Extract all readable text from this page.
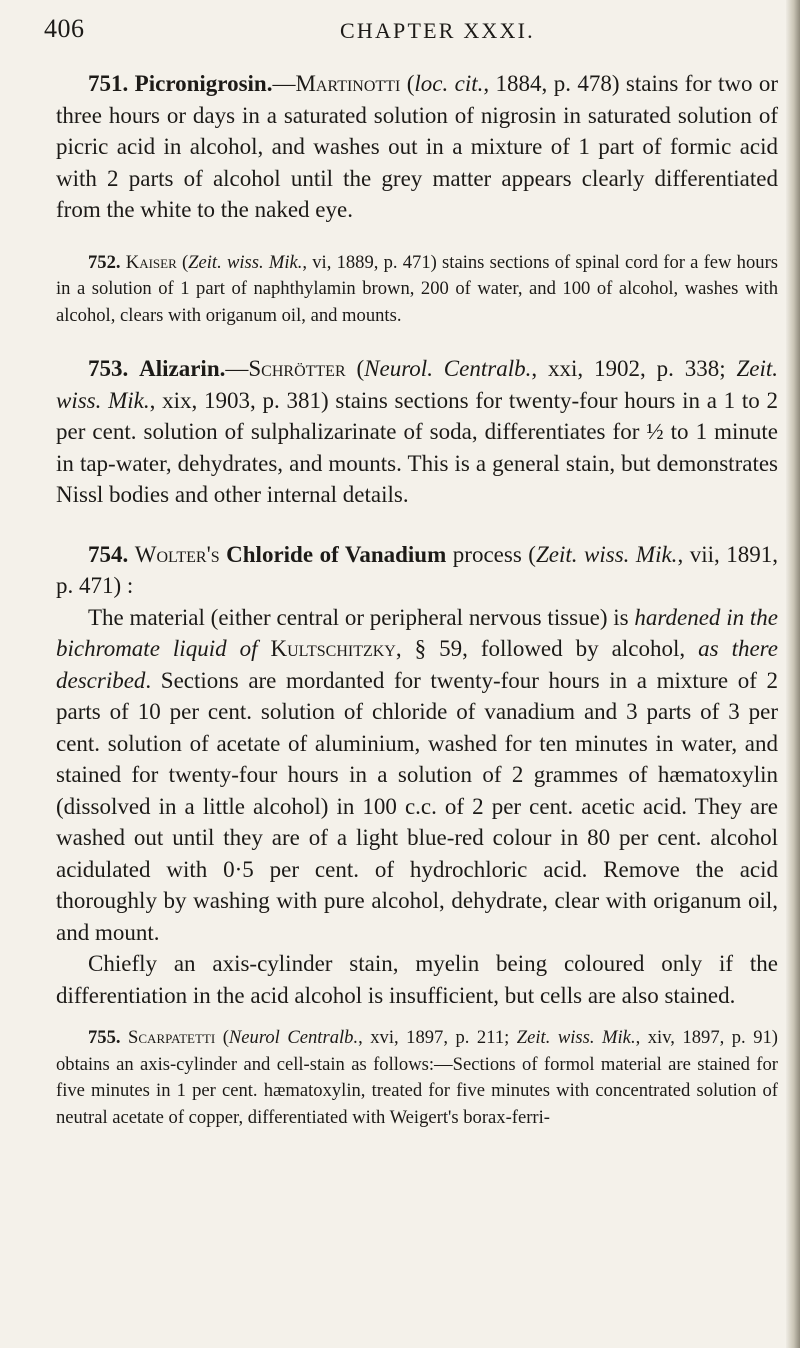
406	CHAPTER XXXI.

751. Picronigrosin.—Martinotti (loc. cit., 1884, p. 478) stains for two or three hours or days in a saturated solution of nigrosin in saturated solution of picric acid in alcohol, and washes out in a mixture of 1 part of formic acid with 2 parts of alcohol until the grey matter appears clearly differentiated from the white to the naked eye.

752. Kaiser (Zeit. wiss. Mik., vi, 1889, p. 471) stains sections of spinal cord for a few hours in a solution of 1 part of naphthylamin brown, 200 of water, and 100 of alcohol, washes with alcohol, clears with origanum oil, and mounts.

753. Alizarin.—Schrötter (Neurol. Centralb., xxi, 1902, p. 338; Zeit. wiss. Mik., xix, 1903, p. 381) stains sections for twenty-four hours in a 1 to 2 per cent. solution of sulphalizarinate of soda, differentiates for ½ to 1 minute in tap-water, dehydrates, and mounts. This is a general stain, but demonstrates Nissl bodies and other internal details.

754. Wolter's Chloride of Vanadium process (Zeit. wiss. Mik., vii, 1891, p. 471) :

The material (either central or peripheral nervous tissue) is hardened in the bichromate liquid of Kultschitzky, § 59, followed by alcohol, as there described. Sections are mordanted for twenty-four hours in a mixture of 2 parts of 10 per cent. solution of chloride of vanadium and 3 parts of 3 per cent. solution of acetate of aluminium, washed for ten minutes in water, and stained for twenty-four hours in a solution of 2 grammes of hæmatoxylin (dissolved in a little alcohol) in 100 c.c. of 2 per cent. acetic acid. They are washed out until they are of a light blue-red colour in 80 per cent. alcohol acidulated with 0·5 per cent. of hydrochloric acid. Remove the acid thoroughly by washing with pure alcohol, dehydrate, clear with origanum oil, and mount.

Chiefly an axis-cylinder stain, myelin being coloured only if the differentiation in the acid alcohol is insufficient, but cells are also stained.

755. Scarpatetti (Neurol Centralb., xvi, 1897, p. 211; Zeit. wiss. Mik., xiv, 1897, p. 91) obtains an axis-cylinder and cell-stain as follows:—Sections of formol material are stained for five minutes in 1 per cent. hæmatoxylin, treated for five minutes with concentrated solution of neutral acetate of copper, differentiated with Weigert's borax-ferri-
